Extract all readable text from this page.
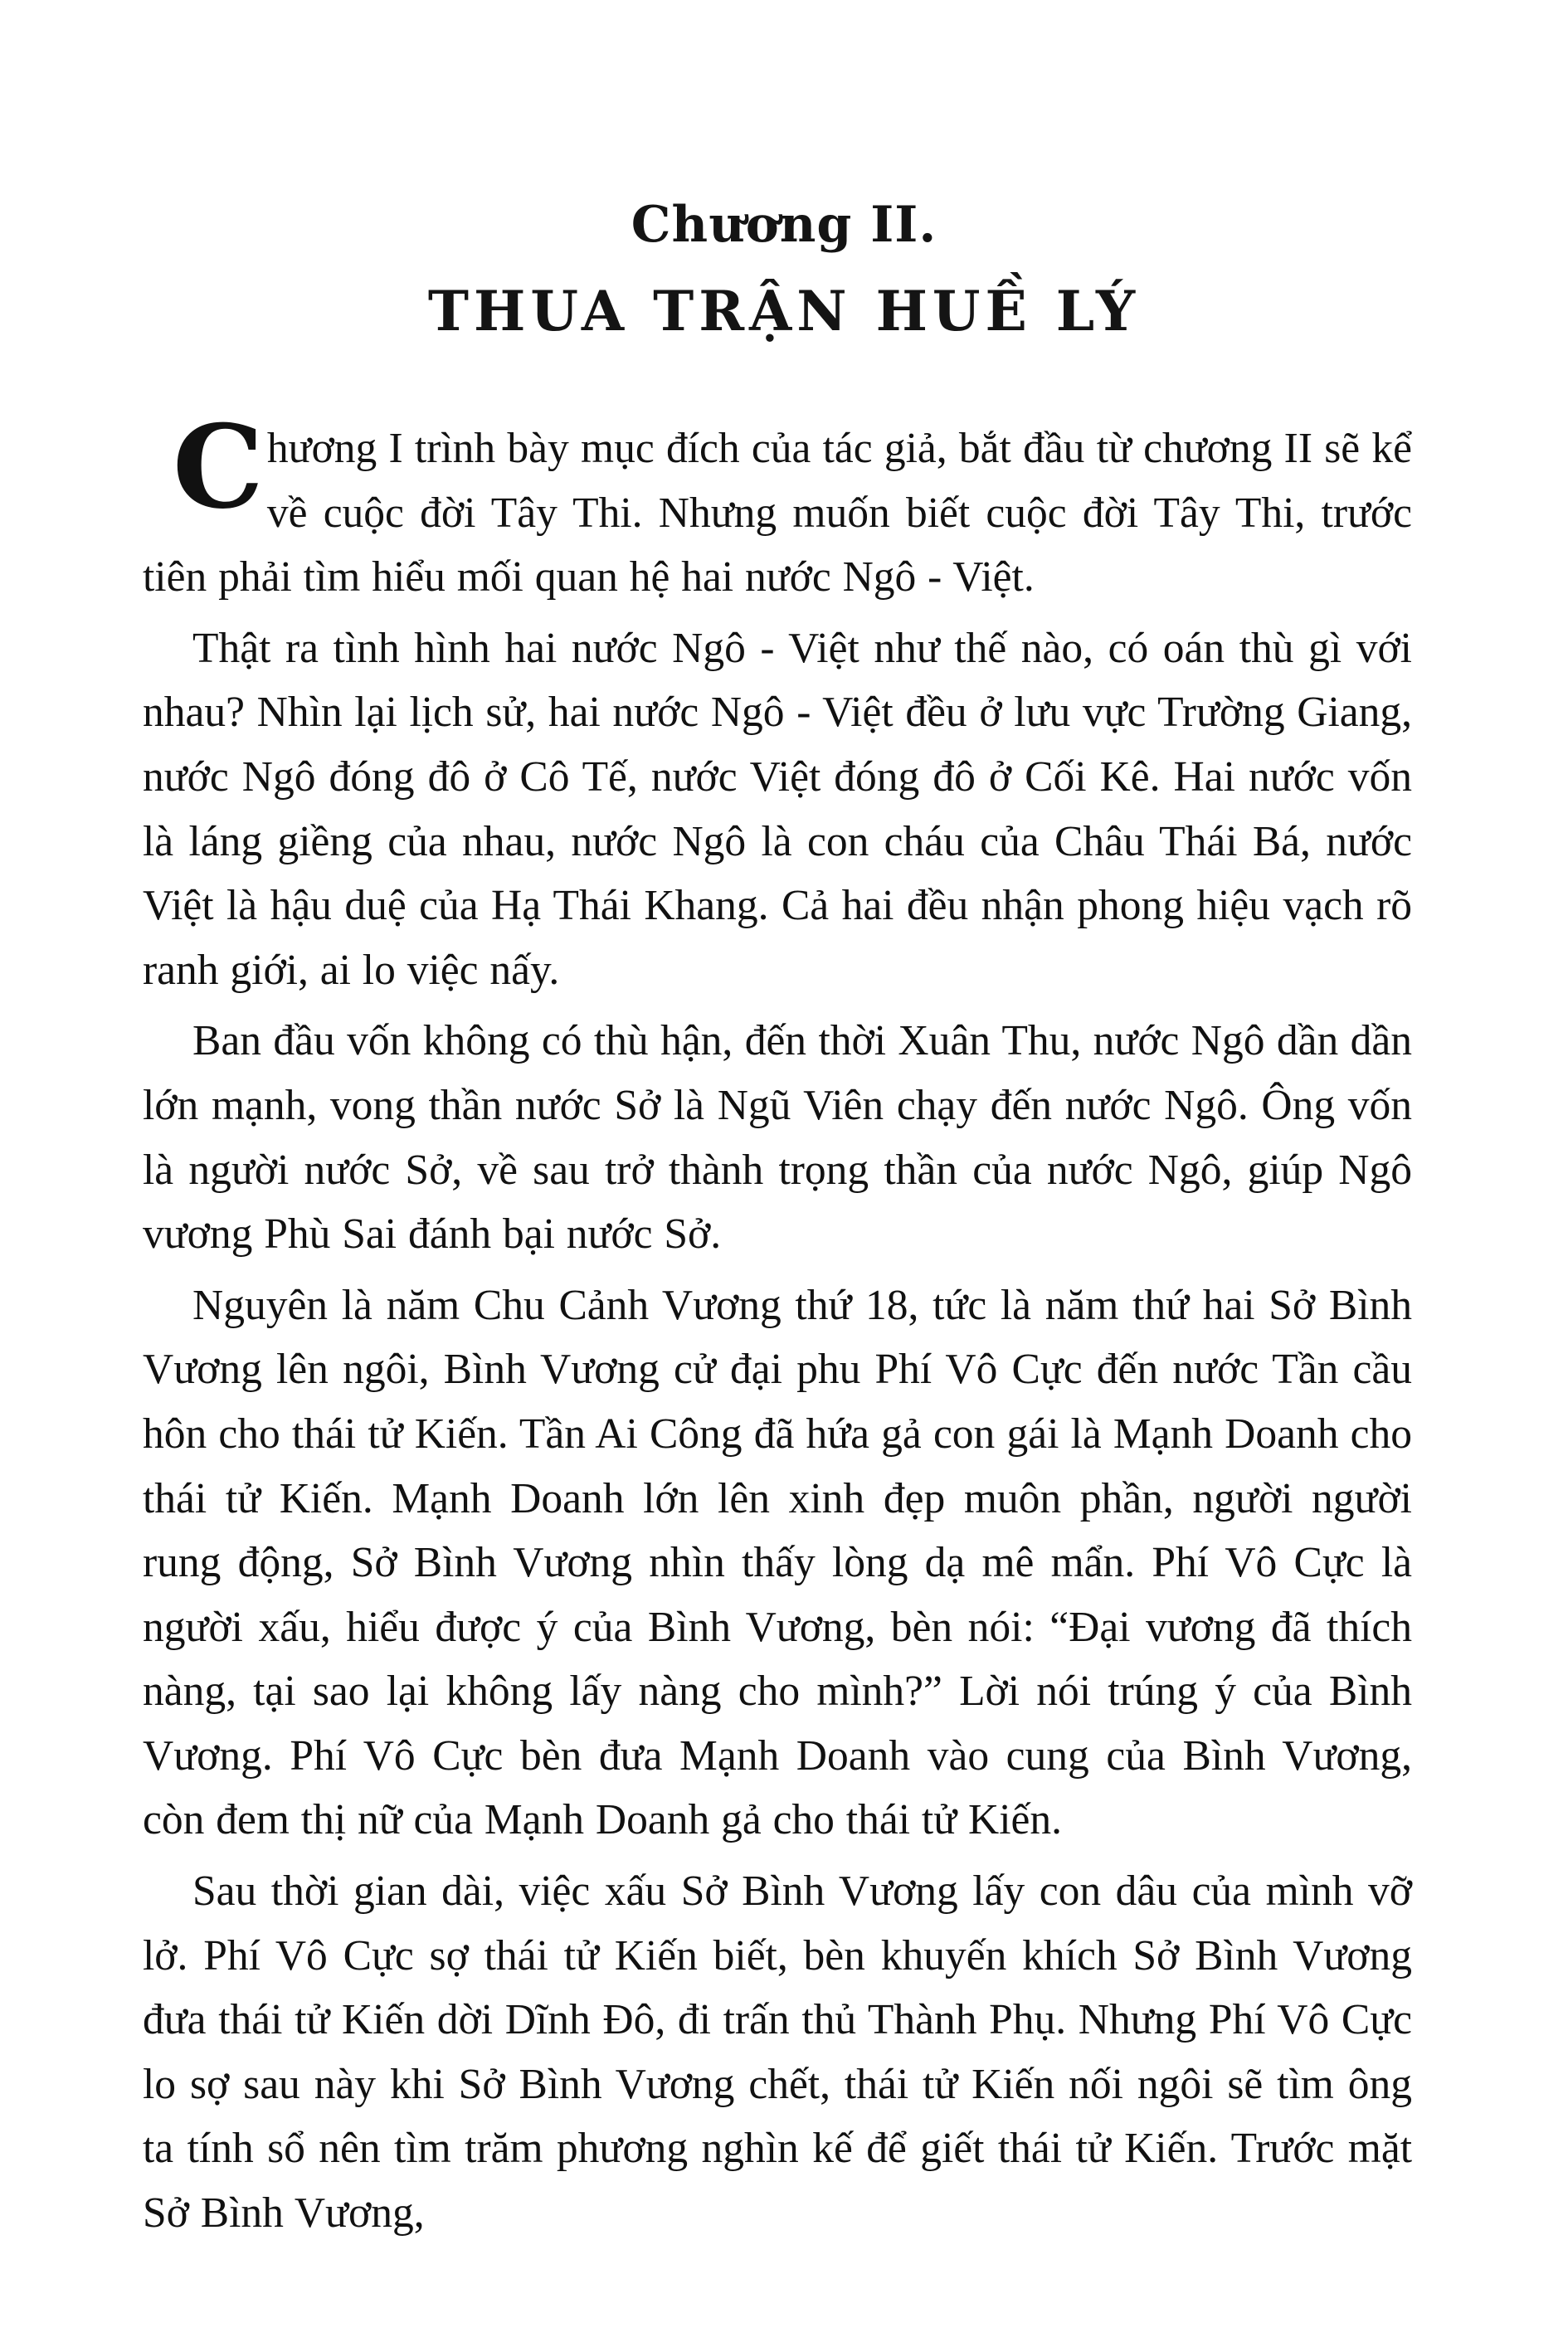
Chương II.
THUA TRẬN HUỀ LÝ

Chương I trình bày mục đích của tác giả, bắt đầu từ chương II sẽ kể về cuộc đời Tây Thi. Nhưng muốn biết cuộc đời Tây Thi, trước tiên phải tìm hiểu mối quan hệ hai nước Ngô - Việt.

Thật ra tình hình hai nước Ngô - Việt như thế nào, có oán thù gì với nhau? Nhìn lại lịch sử, hai nước Ngô - Việt đều ở lưu vực Trường Giang, nước Ngô đóng đô ở Cô Tế, nước Việt đóng đô ở Cối Kê. Hai nước vốn là láng giềng của nhau, nước Ngô là con cháu của Châu Thái Bá, nước Việt là hậu duệ của Hạ Thái Khang. Cả hai đều nhận phong hiệu vạch rõ ranh giới, ai lo việc nấy.

Ban đầu vốn không có thù hận, đến thời Xuân Thu, nước Ngô dần dần lớn mạnh, vong thần nước Sở là Ngũ Viên chạy đến nước Ngô. Ông vốn là người nước Sở, về sau trở thành trọng thần của nước Ngô, giúp Ngô vương Phù Sai đánh bại nước Sở.

Nguyên là năm Chu Cảnh Vương thứ 18, tức là năm thứ hai Sở Bình Vương lên ngôi, Bình Vương cử đại phu Phí Vô Cực đến nước Tần cầu hôn cho thái tử Kiến. Tần Ai Công đã hứa gả con gái là Mạnh Doanh cho thái tử Kiến. Mạnh Doanh lớn lên xinh đẹp muôn phần, người người rung động, Sở Bình Vương nhìn thấy lòng dạ mê mẩn. Phí Vô Cực là người xấu, hiểu được ý của Bình Vương, bèn nói: “Đại vương đã thích nàng, tại sao lại không lấy nàng cho mình?” Lời nói trúng ý của Bình Vương. Phí Vô Cực bèn đưa Mạnh Doanh vào cung của Bình Vương, còn đem thị nữ của Mạnh Doanh gả cho thái tử Kiến.

Sau thời gian dài, việc xấu Sở Bình Vương lấy con dâu của mình vỡ lở. Phí Vô Cực sợ thái tử Kiến biết, bèn khuyến khích Sở Bình Vương đưa thái tử Kiến dời Dĩnh Đô, đi trấn thủ Thành Phụ. Nhưng Phí Vô Cực lo sợ sau này khi Sở Bình Vương chết, thái tử Kiến nối ngôi sẽ tìm ông ta tính sổ nên tìm trăm phương nghìn kế để giết thái tử Kiến. Trước mặt Sở Bình Vương,
